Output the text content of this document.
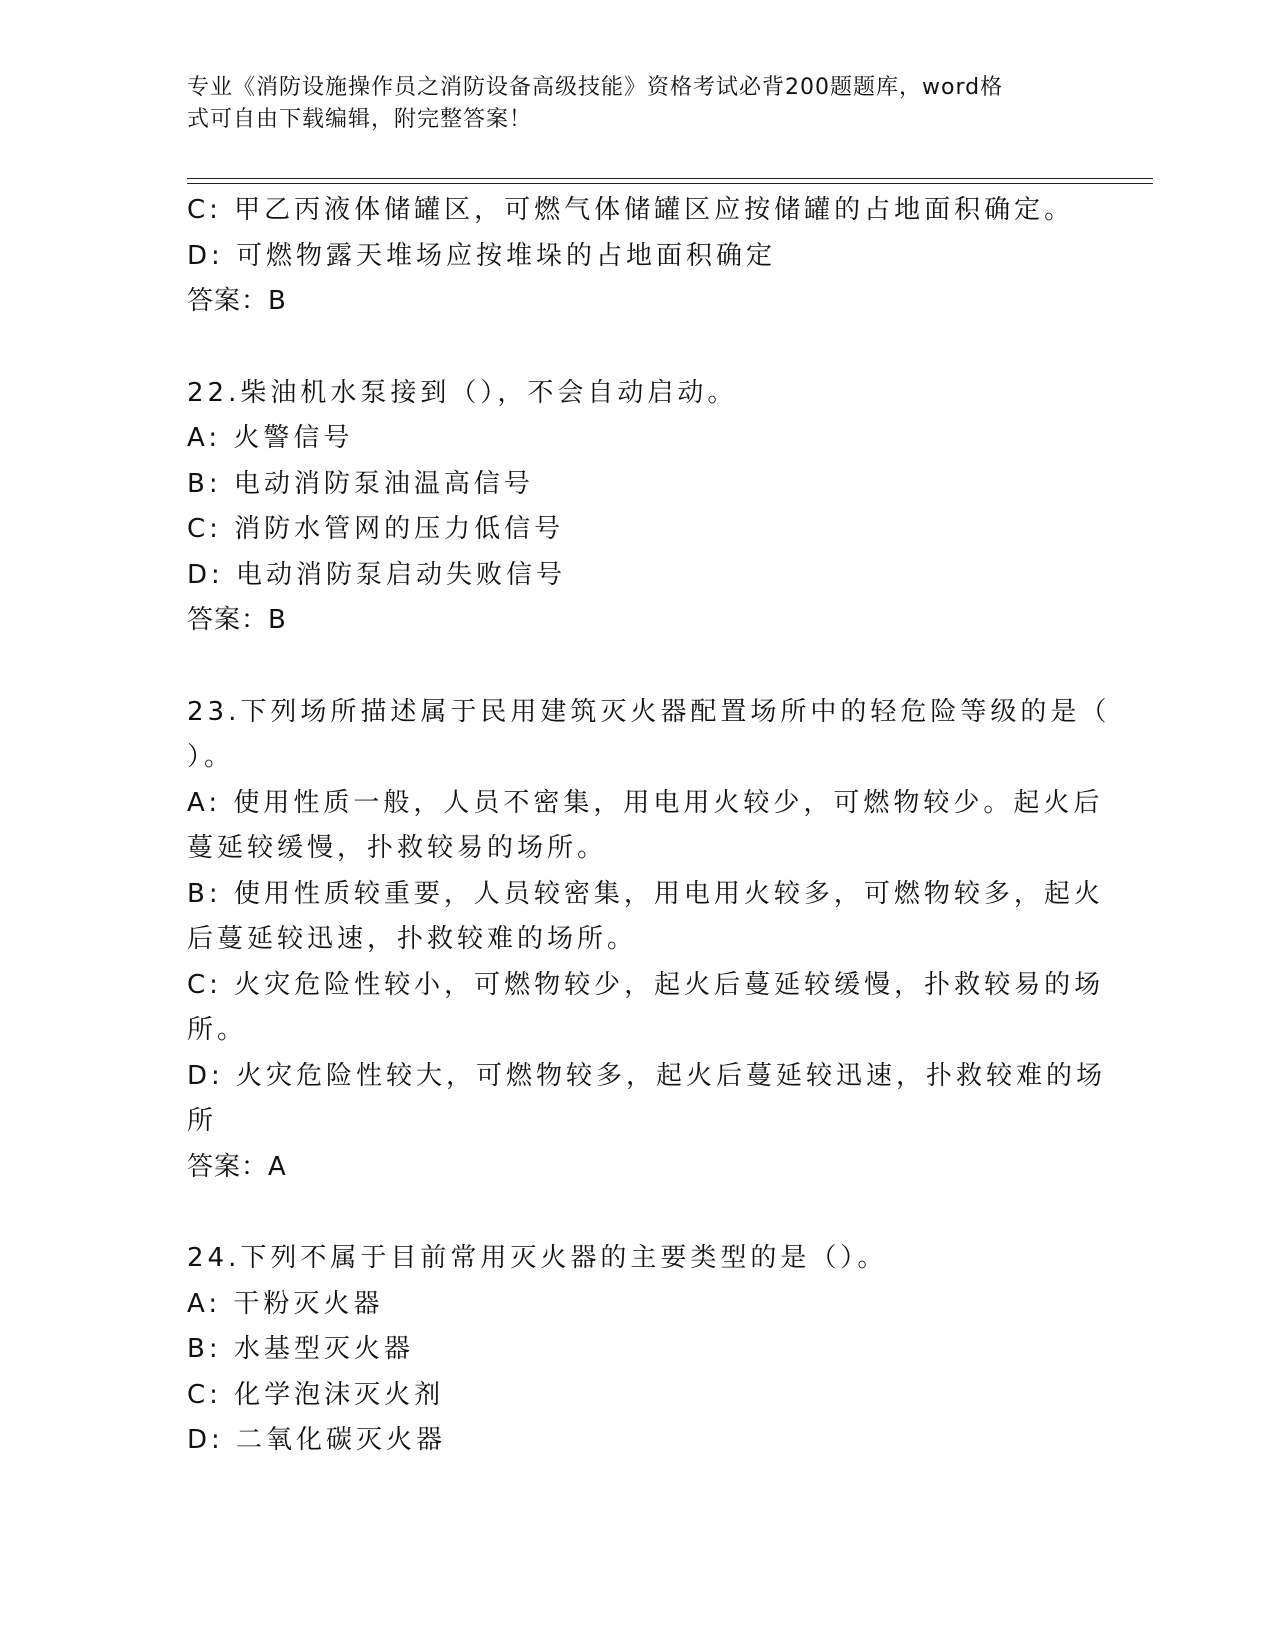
专业《消防设施操作员之消防设备高级技能》资格考试必背200题题库，word格
式可自由下载编辑，附完整答案！
C: 甲乙丙液体储罐区，可燃气体储罐区应按储罐的占地面积确定。
D: 可燃物露天堆场应按堆垛的占地面积确定
答案：B
22.柴油机水泵接到（），不会自动启动。
A: 火警信号
B: 电动消防泵油温高信号
C: 消防水管网的压力低信号
D: 电动消防泵启动失败信号
答案：B
23.下列场所描述属于民用建筑灭火器配置场所中的轻危险等级的是（
）。
A: 使用性质一般，人员不密集，用电用火较少，可燃物较少。起火后
蔓延较缓慢，扑救较易的场所。
B: 使用性质较重要，人员较密集，用电用火较多，可燃物较多，起火
后蔓延较迅速，扑救较难的场所。
C: 火灾危险性较小，可燃物较少，起火后蔓延较缓慢，扑救较易的场
所。
D: 火灾危险性较大，可燃物较多，起火后蔓延较迅速，扑救较难的场
所
答案：A
24.下列不属于目前常用灭火器的主要类型的是（）。
A: 干粉灭火器
B: 水基型灭火器
C: 化学泡沫灭火剂
D: 二氧化碳灭火器
